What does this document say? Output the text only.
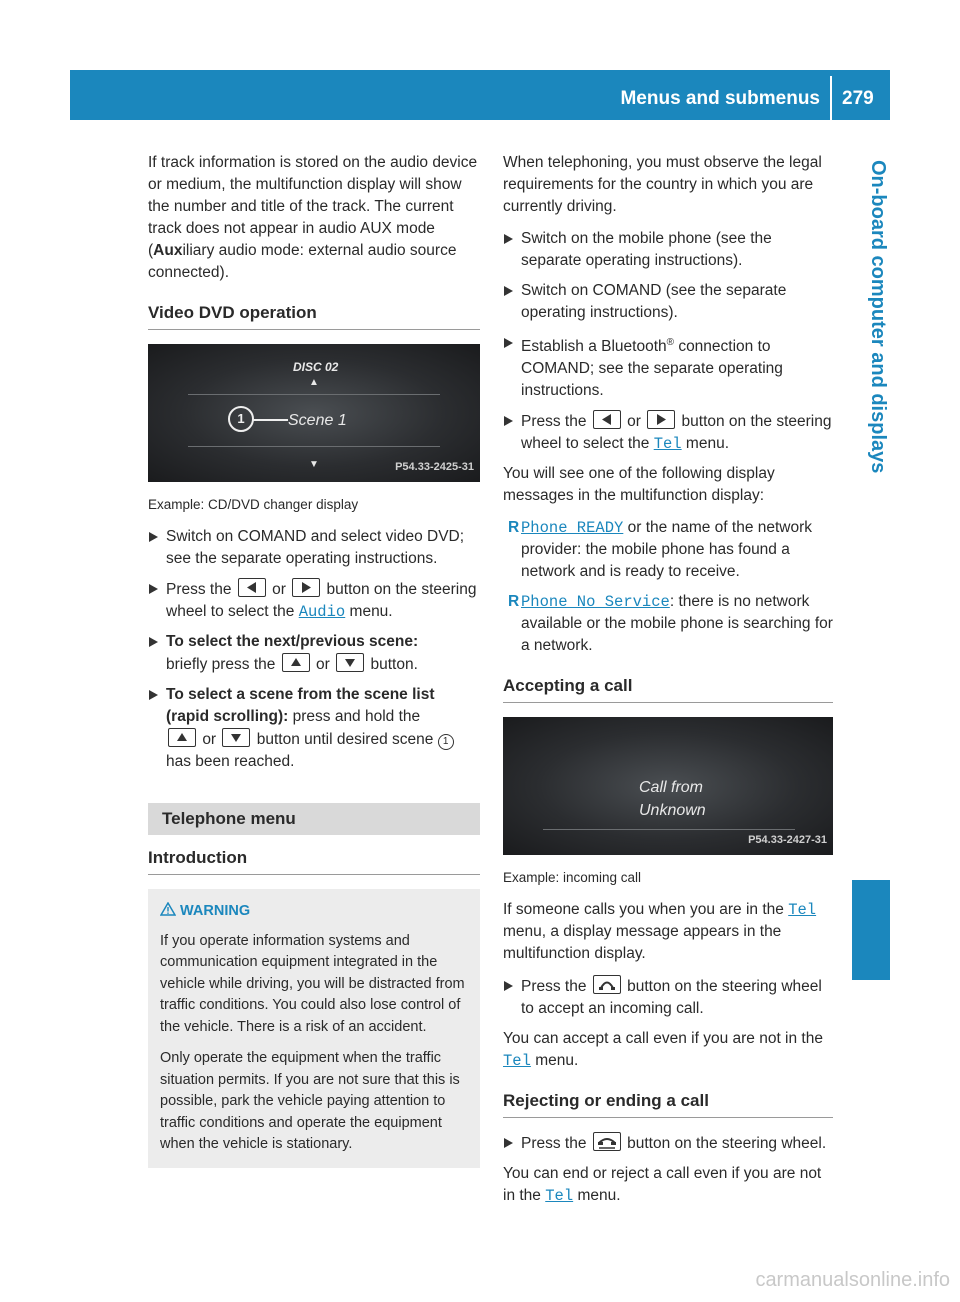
Menus and submenus 279
On-board computer and displays

If track information is stored on the audio device or medium, the multifunction display will show the number and title of the track. The current track does not appear in audio AUX mode (Auxiliary audio mode: external audio source connected).

Video DVD operation
DISC 02
▲
1	Scene 1
▼	P54.33-2425-31
Example: CD/DVD changer display
Switch on COMAND and select video DVD; see the separate operating instructions.
Press the	or	button on the steering wheel to select the Audio menu.
To select the next/previous scene:
briefly press the	or	button.
To select a scene from the scene list (rapid scrolling): press and hold the

or	button until desired scene 1 has been reached.
Telephone menu
Introduction
WARNING

If you operate information systems and communication equipment integrated in the vehicle while driving, you will be distracted from traffic conditions. You could also lose control of the vehicle. There is a risk of an accident.

Only operate the equipment when the traffic situation permits. If you are not sure that this is possible, park the vehicle paying attention to traffic conditions and operate the equipment when the vehicle is stationary.

When telephoning, you must observe the legal requirements for the country in which you are currently driving.

Switch on the mobile phone (see the separate operating instructions).
Switch on COMAND (see the separate operating instructions).
Establish a Bluetooth® connection to COMAND; see the separate operating instructions.
Press the	or	button on the steering wheel to select the Tel menu.

You will see one of the following display messages in the multifunction display:

R Phone READY or the name of the network provider: the mobile phone has found a network and is ready to receive.
R Phone No Service: there is no network available or the mobile phone is searching for a network.
Accepting a call
Call from
Unknown
P54.33-2427-31
Example: incoming call

If someone calls you when you are in the Tel menu, a display message appears in the multifunction display.

Press the	button on the steering wheel to accept an incoming call.

You can accept a call even if you are not in the Tel menu.

Rejecting or ending a call
Press the	button on the steering wheel.

You can end or reject a call even if you are not in the Tel menu.

carmanualsonline.info
